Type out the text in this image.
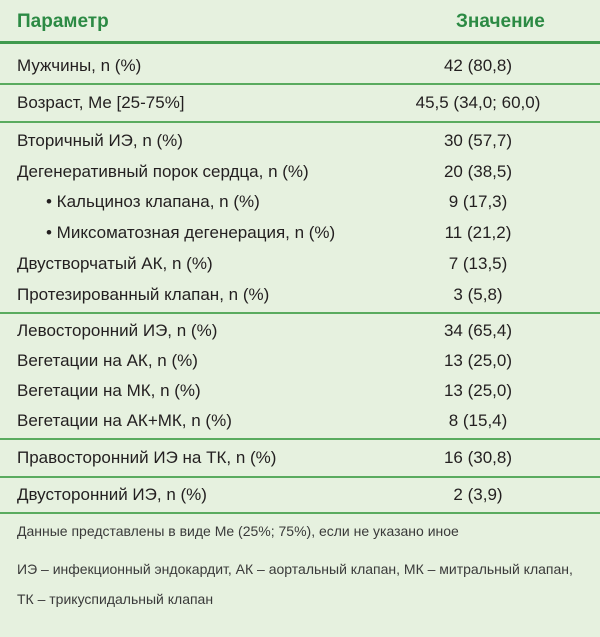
Параметр	Значение
Мужчины, n (%)	42 (80,8)
Возраст, Me [25-75%]	45,5 (34,0; 60,0)
Вторичный ИЭ, n (%)	30 (57,7)
Дегенеративный порок сердца, n (%)	20 (38,5)
• Кальциноз клапана, n (%)	9 (17,3)
• Миксоматозная дегенерация, n (%)	11 (21,2)
Двустворчатый АК, n (%)	7 (13,5)
Протезированный клапан, n (%)	3 (5,8)
Левосторонний ИЭ, n (%)	34 (65,4)
Вегетации на АК, n (%)	13 (25,0)
Вегетации на МК, n (%)	13 (25,0)
Вегетации на АК+МК, n (%)	8 (15,4)
Правосторонний ИЭ на ТК, n (%)	16 (30,8)
Двусторонний ИЭ, n (%)	2 (3,9)
Данные представлены в виде Me (25%; 75%), если не указано иное
ИЭ – инфекционный эндокардит, АК – аортальный клапан, МК – митральный клапан,
ТК – трикуспидальный клапан
